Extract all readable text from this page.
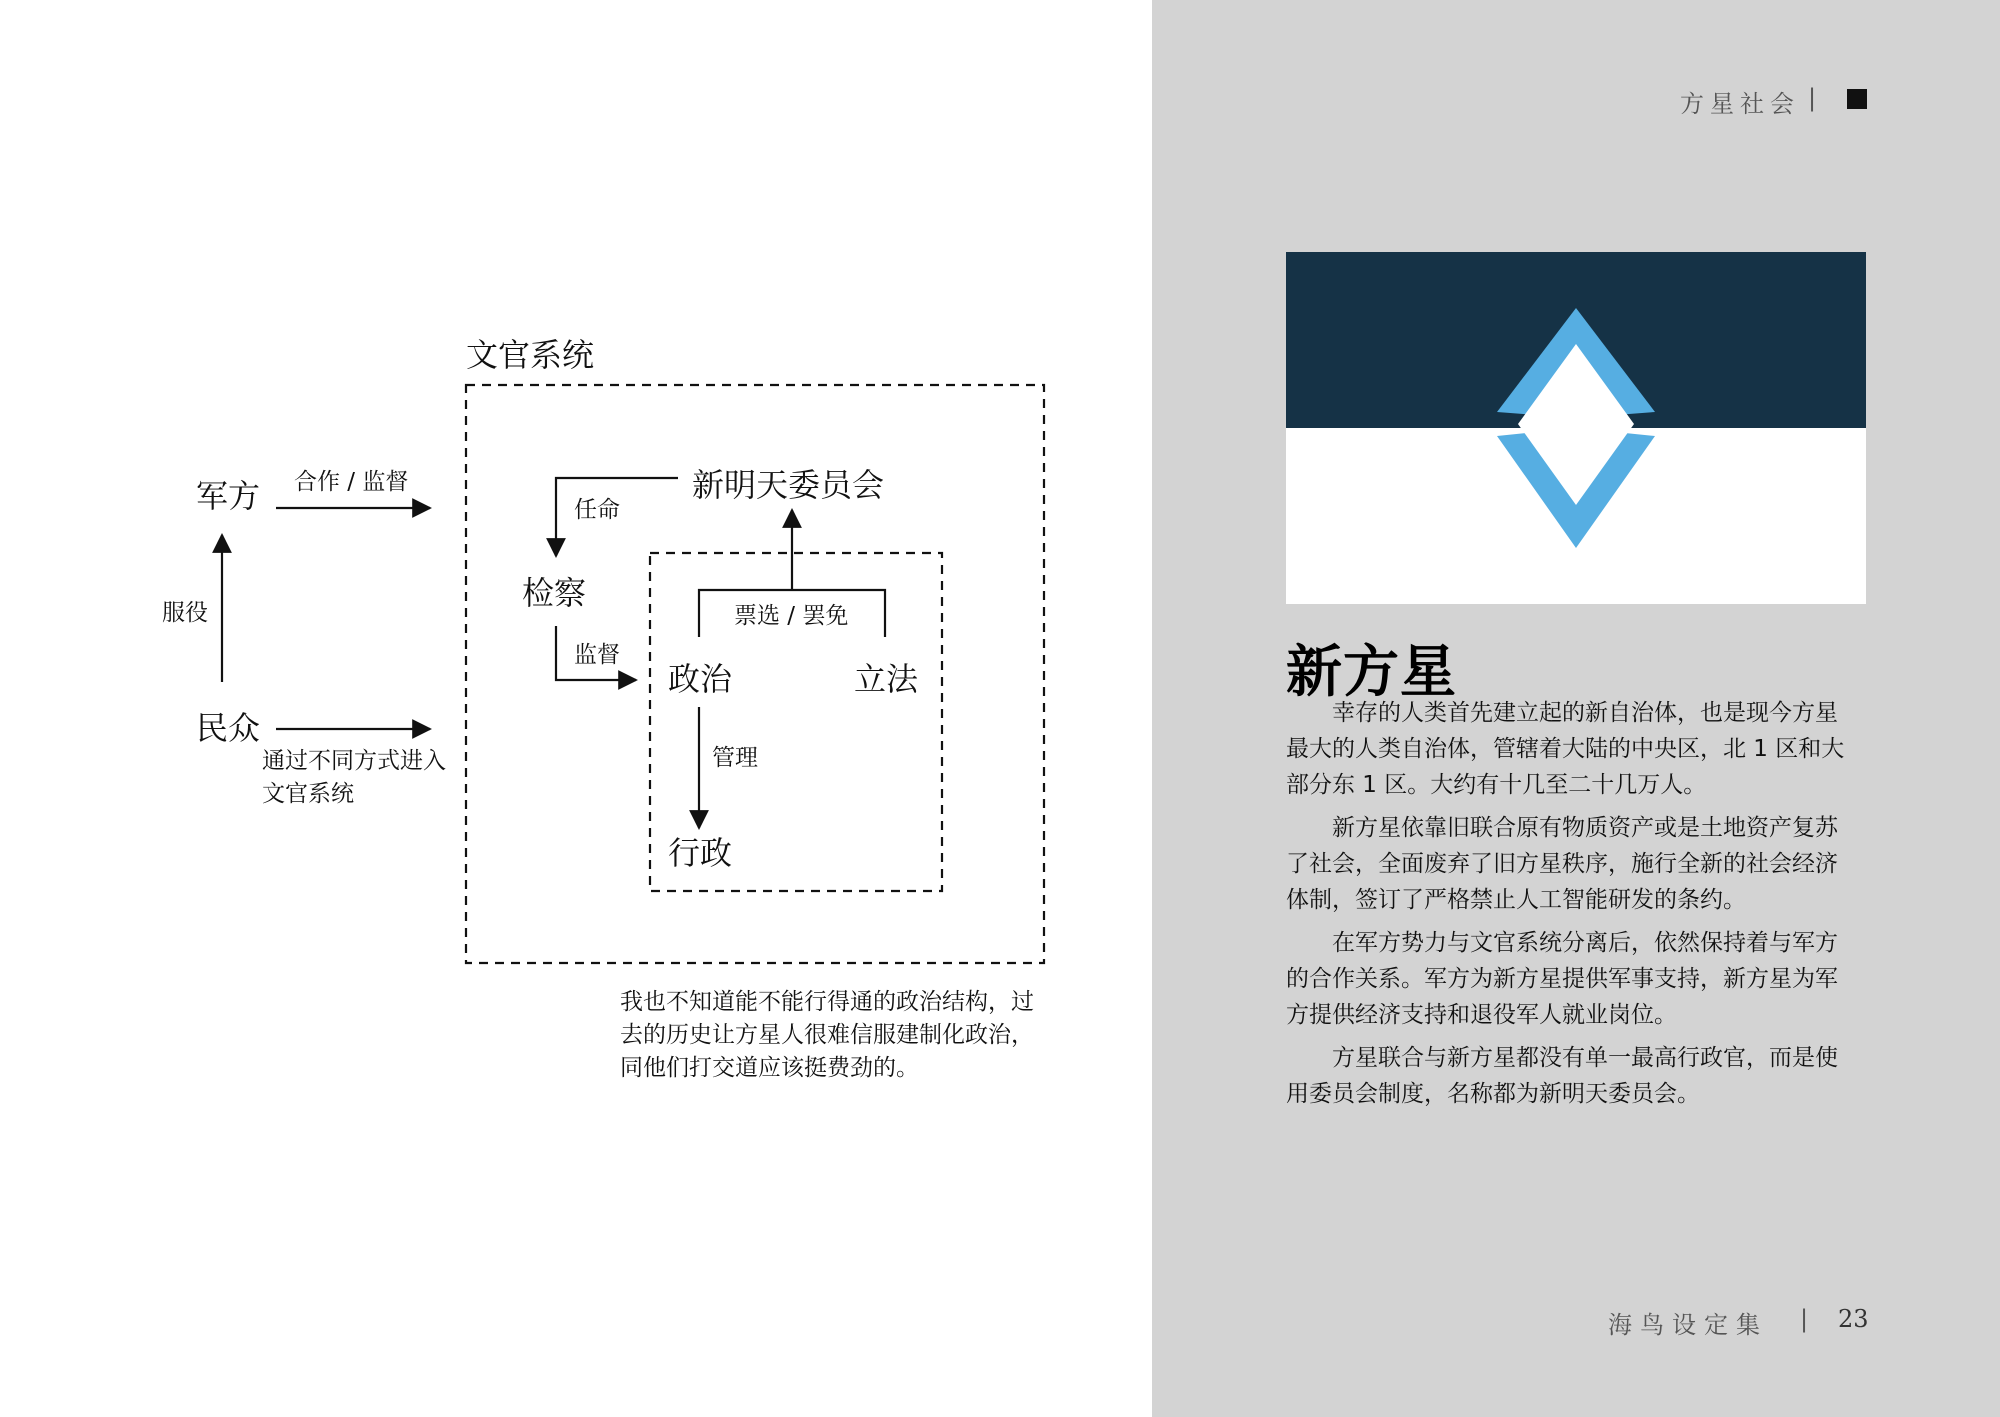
文官系统
军方
民众
新明天委员会
检察
政治	立法
行政
合作 / 监督
服役
通过不同方式进入文官系统
任命
监督
票选 / 罢免
管理
我也不知道能不能行得通的政治结构，过去的历史让方星人很难信服建制化政治，同他们打交道应该挺费劲的。
方星社会 |
新方星

幸存的人类首先建立起的新自治体，也是现今方星最大的人类自治体，管辖着大陆的中央区，北 1 区和大部分东 1 区。大约有十几至二十几万人。

新方星依靠旧联合原有物质资产或是土地资产复苏了社会，全面废弃了旧方星秩序，施行全新的社会经济体制，签订了严格禁止人工智能研发的条约。

在军方势力与文官系统分离后，依然保持着与军方的合作关系。军方为新方星提供军事支持，新方星为军方提供经济支持和退役军人就业岗位。

方星联合与新方星都没有单一最高行政官，而是使用委员会制度，名称都为新明天委员会。

海鸟设定集 | 23
